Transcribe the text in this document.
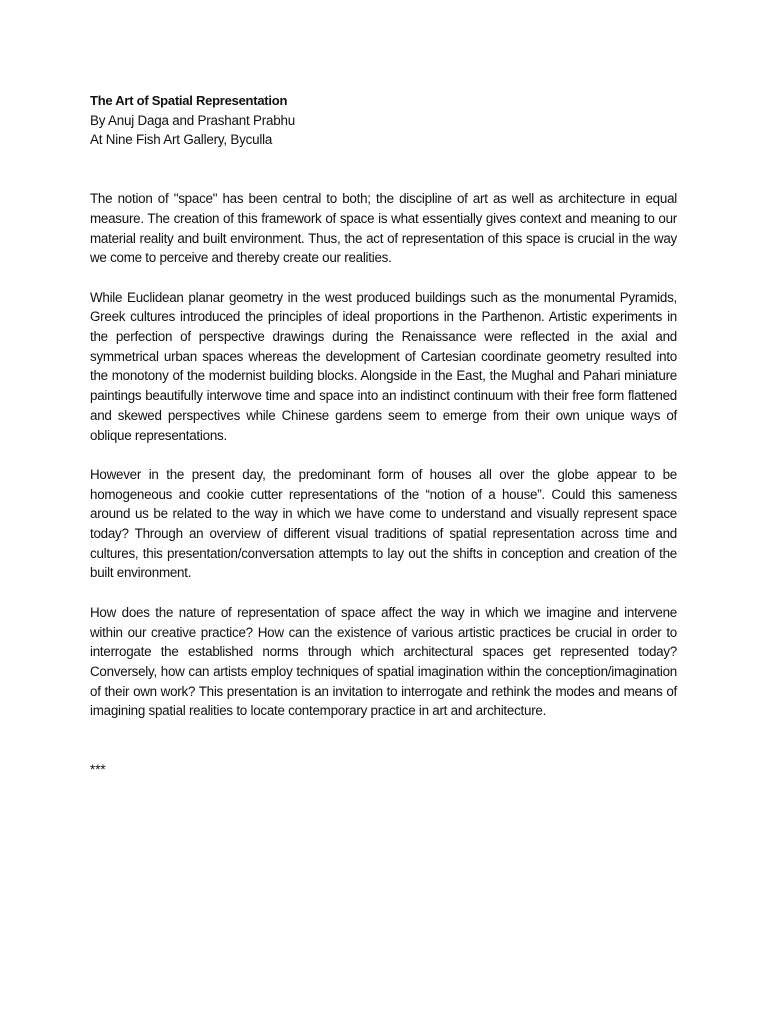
The Art of Spatial Representation

By Anuj Daga and Prashant Prabhu

At Nine Fish Art Gallery, Byculla

The notion of "space" has been central to both; the discipline of art as well as architecture in equal measure. The creation of this framework of space is what essentially gives context and meaning to our material reality and built environment. Thus, the act of representation of this space is crucial in the way we come to perceive and thereby create our realities.

While Euclidean planar geometry in the west produced buildings such as the monumental Pyramids, Greek cultures introduced the principles of ideal proportions in the Parthenon. Artistic experiments in the perfection of perspective drawings during the Renaissance were reflected in the axial and symmetrical urban spaces whereas the development of Cartesian coordinate geometry resulted into the monotony of the modernist building blocks. Alongside in the East, the Mughal and Pahari miniature paintings beautifully interwove time and space into an indistinct continuum with their free form flattened and skewed perspectives while Chinese gardens seem to emerge from their own unique ways of oblique representations.

However in the present day, the predominant form of houses all over the globe appear to be homogeneous and cookie cutter representations of the “notion of a house”. Could this sameness around us be related to the way in which we have come to understand and visually represent space today? Through an overview of different visual traditions of spatial representation across time and cultures, this presentation/conversation attempts to lay out the shifts in conception and creation of the built environment.

How does the nature of representation of space affect the way in which we imagine and intervene within our creative practice? How can the existence of various artistic practices be crucial in order to interrogate the established norms through which architectural spaces get represented today? Conversely, how can artists employ techniques of spatial imagination within the conception/imagination of their own work? This presentation is an invitation to interrogate and rethink the modes and means of imagining spatial realities to locate contemporary practice in art and architecture.

***
